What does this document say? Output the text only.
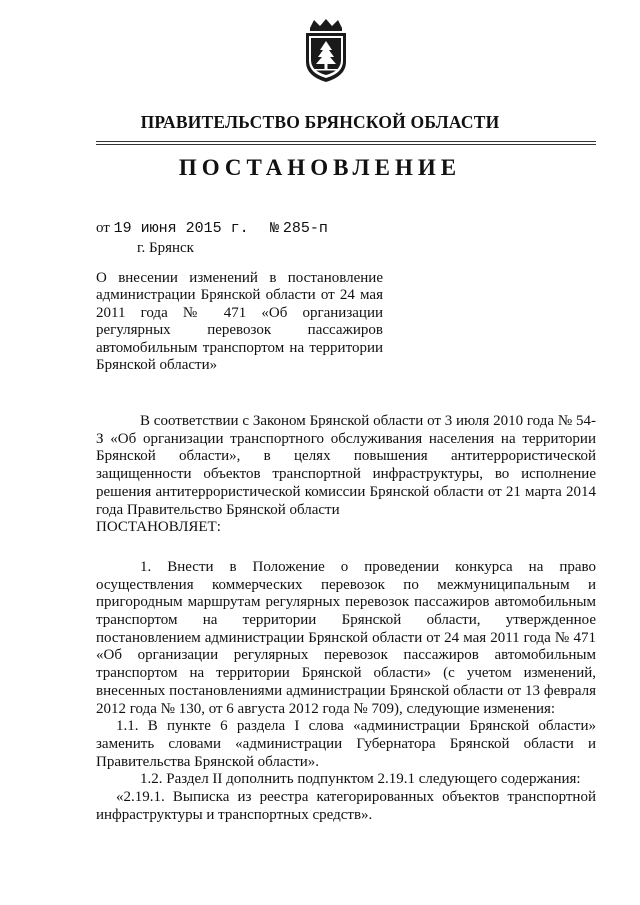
ПРАВИТЕЛЬСТВО БРЯНСКОЙ ОБЛАСТИ
ПОСТАНОВЛЕНИЕ
от 19 июня 2015 г. № 285-п
г. Брянск
О внесении изменений в постановление администрации Брянской области от 24 мая 2011 года № 471 «Об организации регулярных перевозок пассажиров автомобильным транспортом на территории Брянской области»

В соответствии с Законом Брянской области от 3 июля 2010 года № 54-З «Об организации транспортного обслуживания населения на территории Брянской области», в целях повышения антитеррористической защищенности объектов транспортной инфраструктуры, во исполнение решения антитеррористической комиссии Брянской области от 21 марта 2014 года Правительство Брянской области

ПОСТАНОВЛЯЕТ:

1. Внести в Положение о проведении конкурса на право осуществления коммерческих перевозок по межмуниципальным и пригородным маршрутам регулярных перевозок пассажиров автомобильным транспортом на территории Брянской области, утвержденное постановлением администрации Брянской области от 24 мая 2011 года № 471 «Об организации регулярных перевозок пассажиров автомобильным транспортом на территории Брянской области» (с учетом изменений, внесенных постановлениями администрации Брянской области от 13 февраля 2012 года № 130, от 6 августа 2012 года № 709), следующие изменения:

1.1. В пункте 6 раздела I слова «администрации Брянской области» заменить словами «администрации Губернатора Брянской области и Правительства Брянской области».

1.2. Раздел II дополнить подпунктом 2.19.1 следующего содержания:

«2.19.1. Выписка из реестра категорированных объектов транспортной инфраструктуры и транспортных средств».
